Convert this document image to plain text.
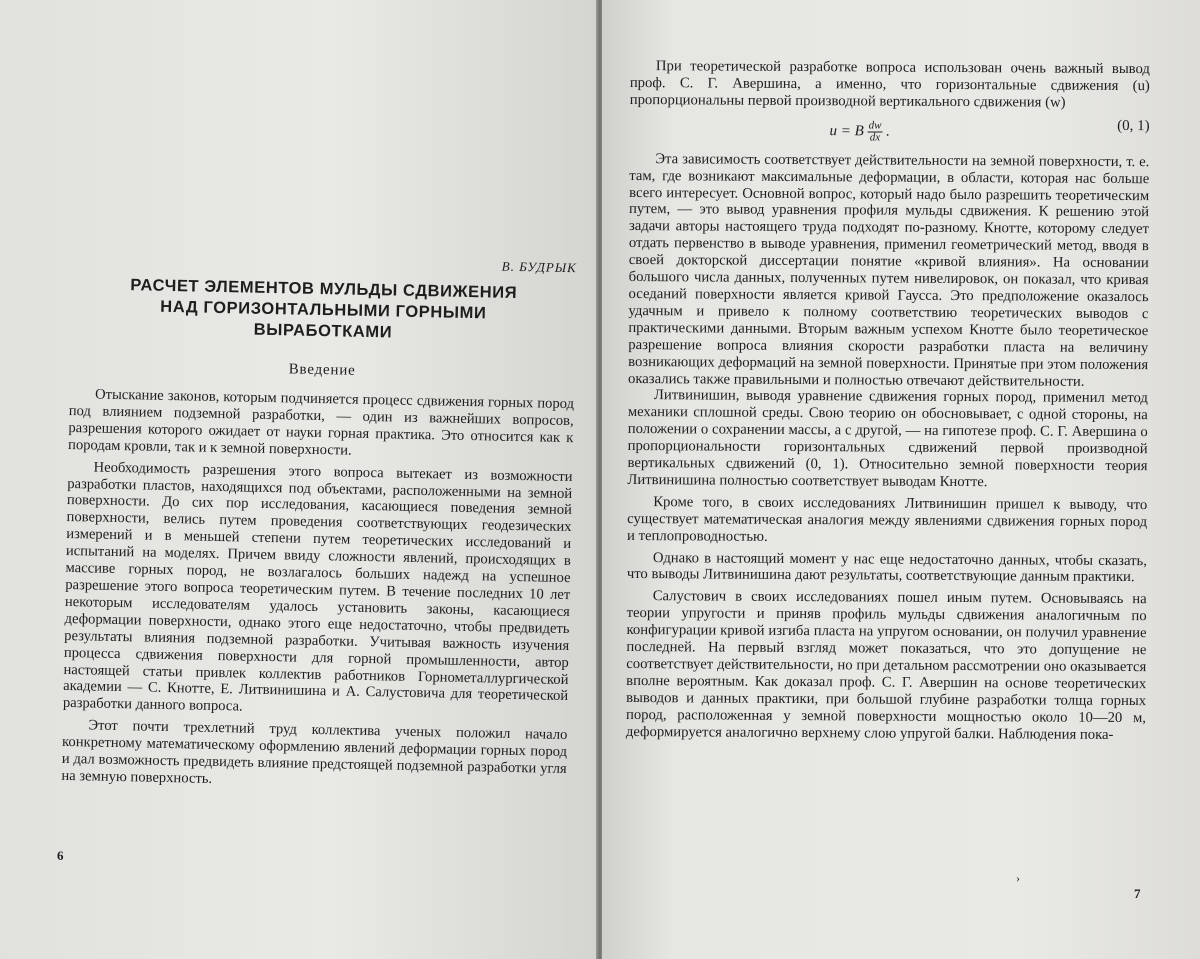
В. БУДРЫК
РАСЧЕТ ЭЛЕМЕНТОВ МУЛЬДЫ СДВИЖЕНИЯ
НАД ГОРИЗОНТАЛЬНЫМИ ГОРНЫМИ
ВЫРАБОТКАМИ
Введение

Отыскание законов, которым подчиняется процесс сдвижения горных пород под влиянием подземной разработки, — один из важнейших вопросов, разрешения которого ожидает от науки горная практика. Это относится как к породам кровли, так и к земной поверхности.

Необходимость разрешения этого вопроса вытекает из возможности разработки пластов, находящихся под объектами, расположенными на земной поверхности. До сих пор исследования, касающиеся поведения земной поверхности, велись путем проведения соответствующих геодезических измерений и в меньшей степени путем теоретических исследований и испытаний на моделях. Причем ввиду сложности явлений, происходящих в массиве горных пород, не возлагалось больших надежд на успешное разрешение этого вопроса теоретическим путем. В течение последних 10 лет некоторым исследователям удалось установить законы, касающиеся деформации поверхности, однако этого еще недостаточно, чтобы предвидеть результаты влияния подземной разработки. Учитывая важность изучения процесса сдвижения поверхности для горной промышленности, автор настоящей статьи привлек коллектив работников Горнометаллургической академии — С. Кнотте, Е. Литвинишина и А. Салустовича для теоретической разработки данного вопроса.

Этот почти трехлетний труд коллектива ученых положил начало конкретному математическому оформлению явлений деформации горных пород и дал возможность предвидеть влияние предстоящей подземной разработки угля на земную поверхность.

6

При теоретической разработке вопроса использован очень важный вывод проф. С. Г. Авершина, а именно, что горизонтальные сдвижения (u) пропорциональны первой производной вертикального сдвижения (w)

u = B $\frac{dw}{dx}$ .	(0, 1)

Эта зависимость соответствует действительности на земной поверхности, т. е. там, где возникают максимальные деформации, в области, которая нас больше всего интересует. Основной вопрос, который надо было разрешить теоретическим путем, — это вывод уравнения профиля мульды сдвижения. К решению этой задачи авторы настоящего труда подходят по-разному. Кнотте, которому следует отдать первенство в выводе уравнения, применил геометрический метод, вводя в своей докторской диссертации понятие «кривой влияния». На основании большого числа данных, полученных путем нивелировок, он показал, что кривая оседаний поверхности является кривой Гаусса. Это предположение оказалось удачным и привело к полному соответствию теоретических выводов с практическими данными. Вторым важным успехом Кнотте было теоретическое разрешение вопроса влияния скорости разработки пласта на величину возникающих деформаций на земной поверхности. Принятые при этом положения оказались также правильными и полностью отвечают действительности.

Литвинишин, выводя уравнение сдвижения горных пород, применил метод механики сплошной среды. Свою теорию он обосновывает, с одной стороны, на положении о сохранении массы, а с другой, — на гипотезе проф. С. Г. Авершина о пропорциональности горизонтальных сдвижений первой производной вертикальных сдвижений (0, 1). Относительно земной поверхности теория Литвинишина полностью соответствует выводам Кнотте.

Кроме того, в своих исследованиях Литвинишин пришел к выводу, что существует математическая аналогия между явлениями сдвижения горных пород и теплопроводностью.

Однако в настоящий момент у нас еще недостаточно данных, чтобы сказать, что выводы Литвинишина дают результаты, соответствующие данным практики.

Салустович в своих исследованиях пошел иным путем. Основываясь на теории упругости и приняв профиль мульды сдвижения аналогичным по конфигурации кривой изгиба пласта на упругом основании, он получил уравнение последней. На первый взгляд может показаться, что это допущение не соответствует действительности, но при детальном рассмотрении оно оказывается вполне вероятным. Как доказал проф. С. Г. Авершин на основе теоретических выводов и данных практики, при большой глубине разработки толща горных пород, расположенная у земной поверхности мощностью около 10—20 м, деформируется аналогично верхнему слою упругой балки. Наблюдения пока-

›
7
